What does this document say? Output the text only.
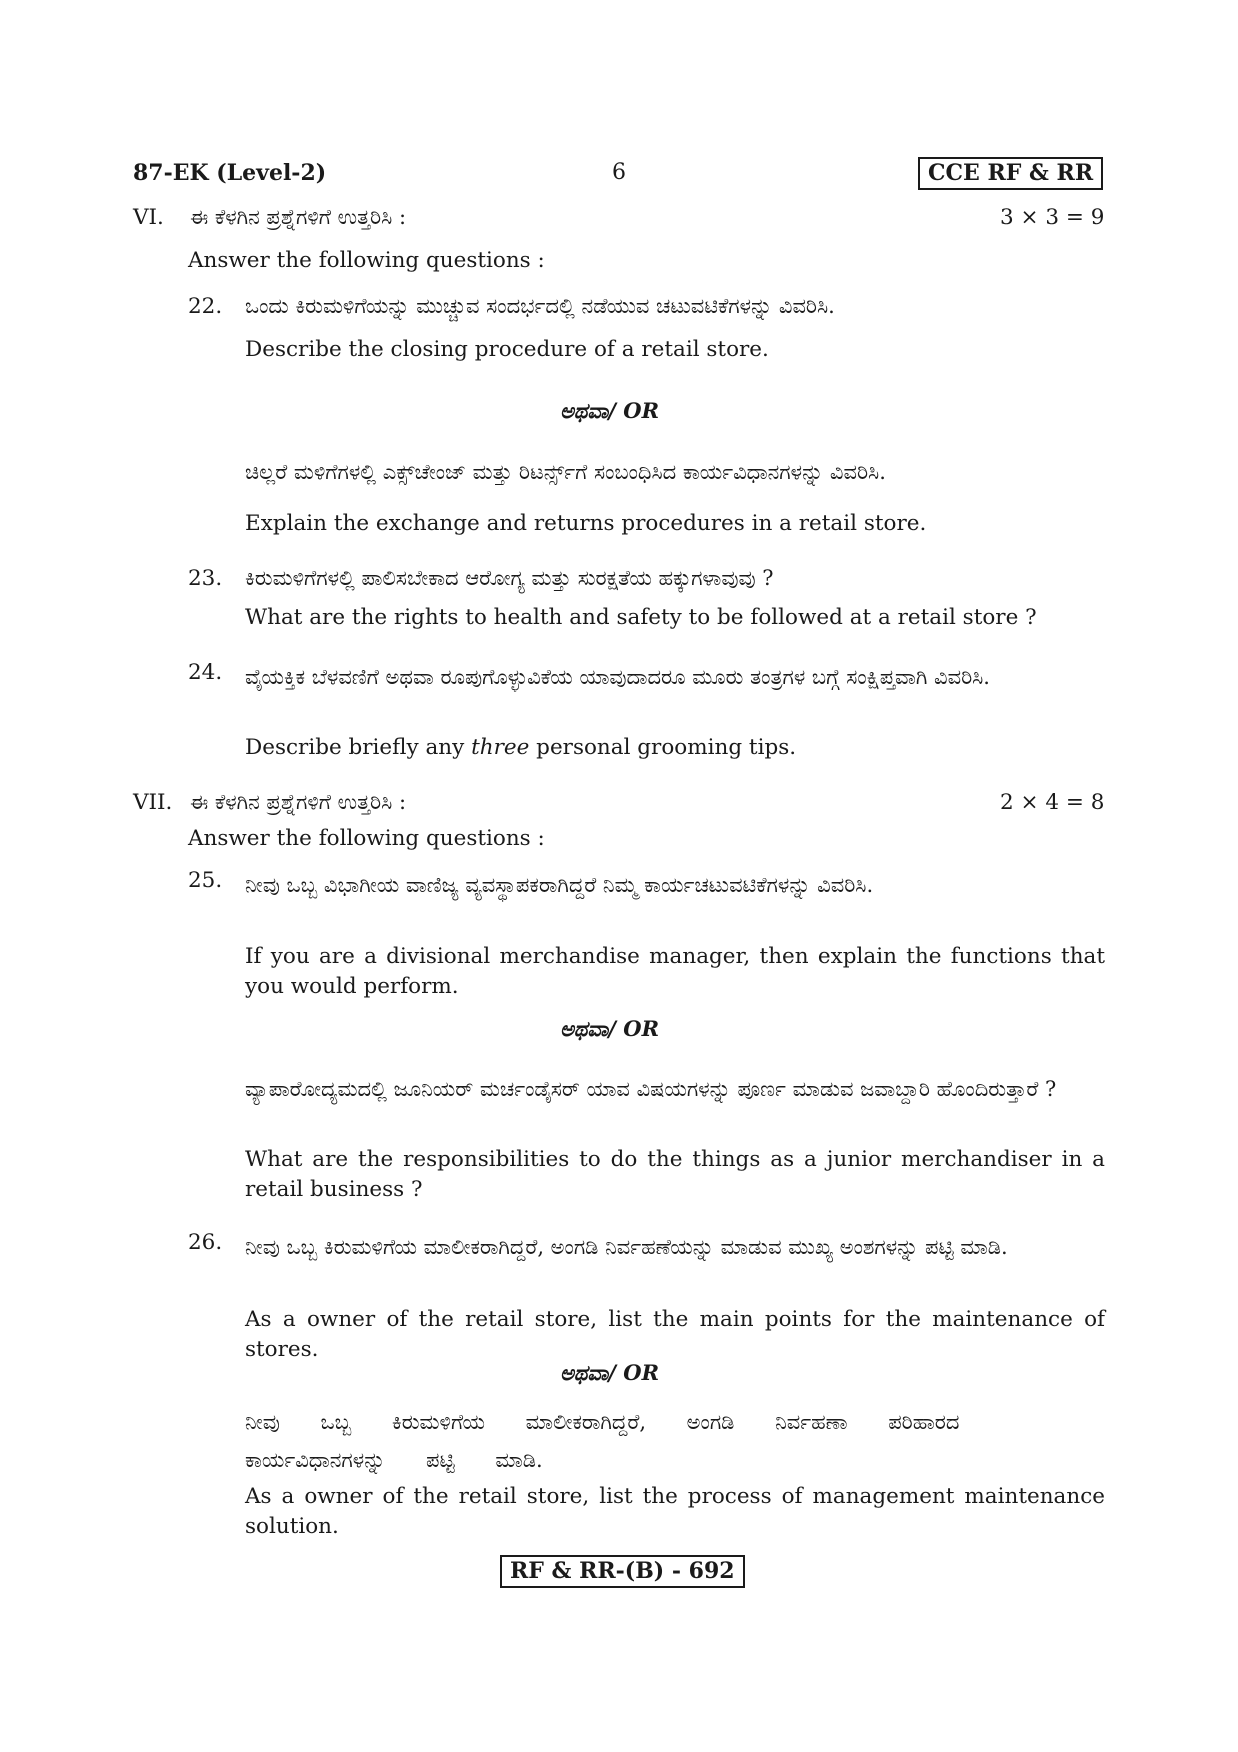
87-EK (Level-2)	6	CCE RF & RR
VI. ಈ ಕೆಳಗಿನ ಪ್ರಶ್ನೆಗಳಿಗೆ ಉತ್ತರಿಸಿ :	3 × 3 = 9
Answer the following questions :
22. ಒಂದು ಕಿರುಮಳಿಗೆಯನ್ನು ಮುಚ್ಚುವ ಸಂದರ್ಭದಲ್ಲಿ ನಡೆಯುವ ಚಟುವಟಿಕೆಗಳನ್ನು ವಿವರಿಸಿ.
Describe the closing procedure of a retail store.
ಅಥವಾ/ OR
ಚಿಲ್ಲರೆ ಮಳಿಗೆಗಳಲ್ಲಿ ಎಕ್ಸ್‌ಚೇಂಜ್ ಮತ್ತು ರಿಟರ್ನ್ಸ್‌ಗೆ ಸಂಬಂಧಿಸಿದ ಕಾರ್ಯವಿಧಾನಗಳನ್ನು ವಿವರಿಸಿ.
Explain the exchange and returns procedures in a retail store.
23. ಕಿರುಮಳಿಗೆಗಳಲ್ಲಿ ಪಾಲಿಸಬೇಕಾದ ಆರೋಗ್ಯ ಮತ್ತು ಸುರಕ್ಷತೆಯ ಹಕ್ಕುಗಳಾವುವು ?
What are the rights to health and safety to be followed at a retail store ?
24. ವೈಯಕ್ತಿಕ ಬೆಳವಣಿಗೆ ಅಥವಾ ರೂಪುಗೊಳ್ಳುವಿಕೆಯ ಯಾವುದಾದರೂ ಮೂರು ತಂತ್ರಗಳ ಬಗ್ಗೆ ಸಂಕ್ಷಿಪ್ತವಾಗಿ ವಿವರಿಸಿ.
Describe briefly any three personal grooming tips.
VII. ಈ ಕೆಳಗಿನ ಪ್ರಶ್ನೆಗಳಿಗೆ ಉತ್ತರಿಸಿ :	2 × 4 = 8
Answer the following questions :
25. ನೀವು ಒಬ್ಬ ವಿಭಾಗೀಯ ವಾಣಿಜ್ಯ ವ್ಯವಸ್ಥಾಪಕರಾಗಿದ್ದರೆ ನಿಮ್ಮ ಕಾರ್ಯಚಟುವಟಿಕೆಗಳನ್ನು ವಿವರಿಸಿ.
If you are a divisional merchandise manager, then explain the functions that you would perform.
ಅಥವಾ/ OR
ವ್ಯಾಪಾರೋದ್ಯಮದಲ್ಲಿ ಜೂನಿಯರ್ ಮರ್ಚಂಡೈಸರ್ ಯಾವ ವಿಷಯಗಳನ್ನು ಪೂರ್ಣ ಮಾಡುವ ಜವಾಬ್ದಾರಿ ಹೊಂದಿರುತ್ತಾರೆ ?
What are the responsibilities to do the things as a junior merchandiser in a retail business ?
26. ನೀವು ಒಬ್ಬ ಕಿರುಮಳಿಗೆಯ ಮಾಲೀಕರಾಗಿದ್ದರೆ, ಅಂಗಡಿ ನಿರ್ವಹಣೆಯನ್ನು ಮಾಡುವ ಮುಖ್ಯ ಅಂಶಗಳನ್ನು ಪಟ್ಟಿ ಮಾಡಿ.
As a owner of the retail store, list the main points for the maintenance of stores.
ಅಥವಾ/ OR
ನೀವು ಒಬ್ಬ ಕಿರುಮಳಿಗೆಯ ಮಾಲೀಕರಾಗಿದ್ದರೆ, ಅಂಗಡಿ ನಿರ್ವಹಣಾ ಪರಿಹಾರದ ಕಾರ್ಯವಿಧಾನಗಳನ್ನು ಪಟ್ಟಿ ಮಾಡಿ.
As a owner of the retail store, list the process of management maintenance solution.
RF & RR-(B) - 692
